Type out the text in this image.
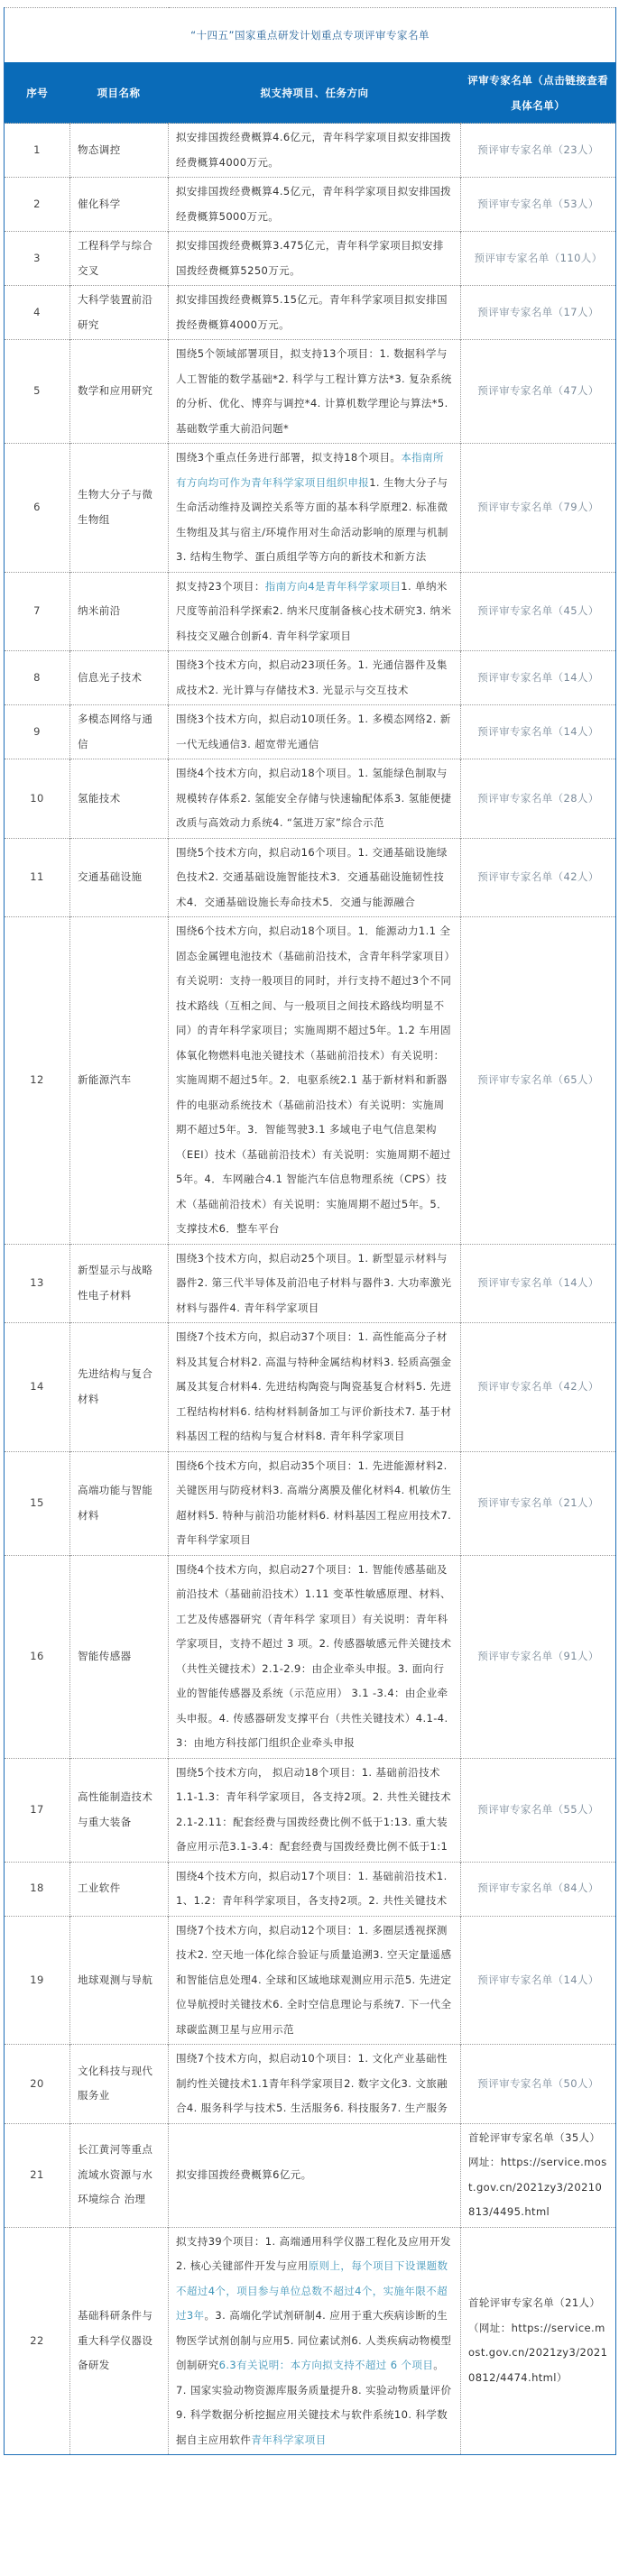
“十四五”国家重点研发计划重点专项评审专家名单			
序号	项目名称	拟支持项目、任务方向	评审专家名单（点击链接查看具体名单）
1	物态调控	拟安排国拨经费概算4.6亿元，青年科学家项目拟安排国拨经费概算4000万元。	预评审专家名单（23人）
2	催化科学	拟安排国拨经费概算4.5亿元，青年科学家项目拟安排国拨经费概算5000万元。	预评审专家名单（53人）
3	工程科学与综合交叉	拟安排国拨经费概算3.475亿元，青年科学家项目拟安排国拨经费概算5250万元。	预评审专家名单（110人）
4	大科学装置前沿研究	拟安排国拨经费概算5.15亿元。青年科学家项目拟安排国拨经费概算4000万元。	预评审专家名单（17人）
5	数学和应用研究	围绕5个领域部署项目，拟支持13个项目：1. 数据科学与人工智能的数学基础*2. 科学与工程计算方法*3. 复杂系统的分析、优化、博弈与调控*4. 计算机数学理论与算法*5. 基础数学重大前沿问题*	预评审专家名单（47人）
6	生物大分子与微生物组	围绕3个重点任务进行部署，拟支持18个项目。本指南所有方向均可作为青年科学家项目组织申报1. 生物大分子与生命活动维持及调控关系等方面的基本科学原理2. 标准微生物组及其与宿主/环境作用对生命活动影响的原理与机制3. 结构生物学、蛋白质组学等方向的新技术和新方法	预评审专家名单（79人）
7	纳米前沿	拟支持23个项目：指南方向4是青年科学家项目1. 单纳米尺度等前沿科学探索2. 纳米尺度制备核心技术研究3. 纳米科技交叉融合创新4. 青年科学家项目	预评审专家名单（45人）
8	信息光子技术	围绕3个技术方向，拟启动23项任务。1. 光通信器件及集成技术2. 光计算与存储技术3. 光显示与交互技术	预评审专家名单（14人）
9	多模态网络与通信	围绕3个技术方向，拟启动10项任务。1. 多模态网络2. 新一代无线通信3. 超宽带光通信	预评审专家名单（14人）
10	氢能技术	围绕4个技术方向，拟启动18个项目。1. 氢能绿色制取与规模转存体系2. 氢能安全存储与快速输配体系3. 氢能便捷改质与高效动力系统4. “氢进万家”综合示范	预评审专家名单（28人）
11	交通基础设施	围绕5个技术方向，拟启动16个项目。1. 交通基础设施绿色技术2. 交通基础设施智能技术3．交通基础设施韧性技术4．交通基础设施长寿命技术5．交通与能源融合	预评审专家名单（42人）
12	新能源汽车	围绕6个技术方向，拟启动18个项目。1．能源动力1.1 全固态金属锂电池技术（基础前沿技术，含青年科学家项目）有关说明：支持一般项目的同时，并行支持不超过3个不同技术路线（互相之间、与一般项目之间技术路线均明显不同）的青年科学家项目；实施周期不超过5年。1.2 车用固体氧化物燃料电池关键技术（基础前沿技术）有关说明：实施周期不超过5年。2．电驱系统2.1 基于新材料和新器件的电驱动系统技术（基础前沿技术）有关说明：实施周期不超过5年。3．智能驾驶3.1 多域电子电气信息架构（EEI）技术（基础前沿技术）有关说明：实施周期不超过5年。4．车网融合4.1 智能汽车信息物理系统（CPS）技术（基础前沿技术）有关说明：实施周期不超过5年。5．支撑技术6．整车平台	预评审专家名单（65人）
13	新型显示与战略性电子材料	围绕3个技术方向，拟启动25个项目。1. 新型显示材料与器件2. 第三代半导体及前沿电子材料与器件3. 大功率激光材料与器件4. 青年科学家项目	预评审专家名单（14人）
14	先进结构与复合材料	围绕7个技术方向，拟启动37个项目：1. 高性能高分子材料及其复合材料2. 高温与特种金属结构材料3. 轻质高强金属及其复合材料4. 先进结构陶瓷与陶瓷基复合材料5. 先进工程结构材料6. 结构材料制备加工与评价新技术7. 基于材料基因工程的结构与复合材料8. 青年科学家项目	预评审专家名单（42人）
15	高端功能与智能材料	围绕6个技术方向，拟启动35个项目：1. 先进能源材料2. 关键医用与防疫材料3. 高端分离膜及催化材料4. 机敏仿生超材料5. 特种与前沿功能材料6. 材料基因工程应用技术7. 青年科学家项目	预评审专家名单（21人）
16	智能传感器	围绕4个技术方向，拟启动27个项目：1. 智能传感基础及前沿技术（基础前沿技术）1.11 变革性敏感原理、材料、工艺及传感器研究（青年科学 家项目）有关说明：青年科学家项目，支持不超过 3 项。2. 传感器敏感元件关键技术（共性关键技术）2.1-2.9：由企业牵头申报。3. 面向行业的智能传感器及系统（示范应用） 3.1 -3.4：由企业牵头申报。4. 传感器研发支撑平台（共性关键技术）4.1-4.3：由地方科技部门组织企业牵头申报	预评审专家名单（91人）
17	高性能制造技术与重大装备	围绕5个技术方向， 拟启动18个项目：1. 基础前沿技术 1.1-1.3：青年科学家项目，各支持2项。2. 共性关键技术2.1-2.11：配套经费与国拨经费比例不低于1:13. 重大装备应用示范3.1-3.4：配套经费与国拨经费比例不低于1:1	预评审专家名单（55人）
18	工业软件	围绕4个技术方向，拟启动17个项目：1. 基础前沿技术1.1、1.2：青年科学家项目，各支持2项。2. 共性关键技术	预评审专家名单（84人）
19	地球观测与导航	围绕7个技术方向，拟启动12个项目：1. 多圈层透视探测技术2. 空天地一体化综合验证与质量追溯3. 空天定量遥感和智能信息处理4. 全球和区域地球观测应用示范5. 先进定位导航授时关键技术6. 全时空信息理论与系统7. 下一代全球碳监测卫星与应用示范	预评审专家名单（14人）
20	文化科技与现代服务业	围绕7个技术方向，拟启动10个项目：1. 文化产业基础性制约性关键技术1.1青年科学家项目2. 数字文化3. 文旅融合4. 服务科学与技术5. 生活服务6. 科技服务7. 生产服务	预评审专家名单（50人）
21	长江黄河等重点流域水资源与水环境综合 治理	拟安排国拨经费概算6亿元。	首轮评审专家名单（35人）网址：https://service.most.gov.cn/2021zy3/20210813/4495.html
22	基础科研条件与重大科学仪器设备研发	拟支持39个项目：1. 高端通用科学仪器工程化及应用开发2. 核心关键部件开发与应用原则上，每个项目下设课题数不超过4个，项目参与单位总数不超过4个，实施年限不超过3年。3. 高端化学试剂研制4. 应用于重大疾病诊断的生物医学试剂创制与应用5. 同位素试剂6. 人类疾病动物模型创制研究6.3有关说明：本方向拟支持不超过 6 个项目。7. 国家实验动物资源库服务质量提升8. 实验动物质量评价9. 科学数据分析挖掘应用关键技术与软件系统10. 科学数据自主应用软件青年科学家项目	首轮评审专家名单（21人）（网址：https://service.most.gov.cn/2021zy3/20210812/4474.html）
